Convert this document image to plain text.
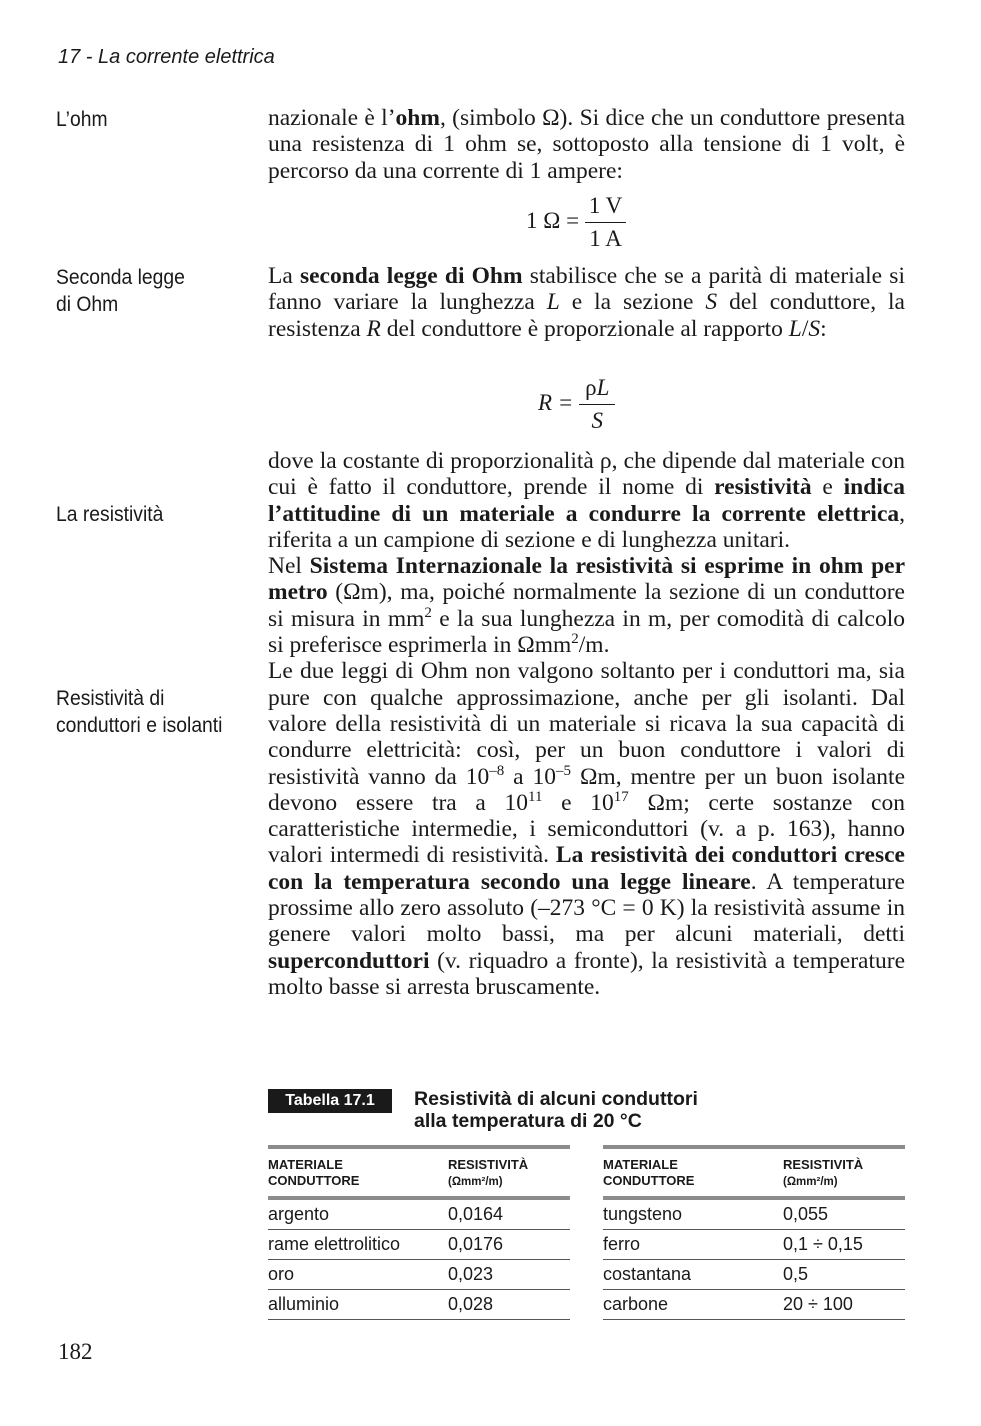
17 - La corrente elettrica
L’ohm
Seconda legge
di Ohm
La resistività
Resistività di
conduttori e isolanti
nazionale è l’ohm, (simbolo Ω). Si dice che un conduttore presenta una resistenza di 1 ohm se, sottoposto alla tensione di 1 volt, è percorso da una corrente di 1 ampere:
1 $\Omega = \frac{1 V}{1 A}$
La seconda legge di Ohm stabilisce che se a parità di materiale si fanno variare la lunghezza L e la sezione S del conduttore, la resistenza R del conduttore è proporzionale al rapporto L/S:
$R = \frac{\rho L}{S}$
dove la costante di proporzionalità ρ, che dipende dal materiale con cui è fatto il conduttore, prende il nome di resistività e indica l’attitudine di un materiale a condurre la corrente elettrica, riferita a un campione di sezione e di lunghezza unitari.
Nel Sistema Internazionale la resistività si esprime in ohm per metro (Ωm), ma, poiché normalmente la sezione di un conduttore si misura in $mm^2$ e la sua lunghezza in m, per comodità di calcolo si preferisce esprimerla in Ωmm$^2$/m.
Le due leggi di Ohm non valgono soltanto per i conduttori ma, sia pure con qualche approssimazione, anche per gli isolanti. Dal valore della resistività di un materiale si ricava la sua capacità di condurre elettricità: così, per un buon conduttore i valori di resistività vanno da $10^{-8}$ a $10^{-5}$ Ωm, mentre per un buon isolante devono essere tra a $10^{11}$ e $10^{17}$ Ωm; certe sostanze con caratteristiche intermedie, i semiconduttori (v. a p. 163), hanno valori intermedi di resistività. La resistività dei conduttori cresce con la temperatura secondo una legge lineare. A temperature prossime allo zero assoluto (–273 °C = 0 K) la resistività assume in genere valori molto bassi, ma per alcuni materiali, detti superconduttori (v. riquadro a fronte), la resistività a temperature molto basse si arresta bruscamente.
Tabella 17.1	Resistività di alcuni conduttori
alla temperatura di 20 °C
MATERIALE
CONDUTTORE	RESISTIVITÀ
(Ωmm²/m)
argento	0,0164
rame elettrolitico	0,0176
oro	0,023
alluminio	0,028
MATERIALE
CONDUTTORE	RESISTIVITÀ
(Ωmm²/m)
tungsteno	0,055
ferro	0,1 ÷ 0,15
costantana	0,5
carbone	20 ÷ 100
182
